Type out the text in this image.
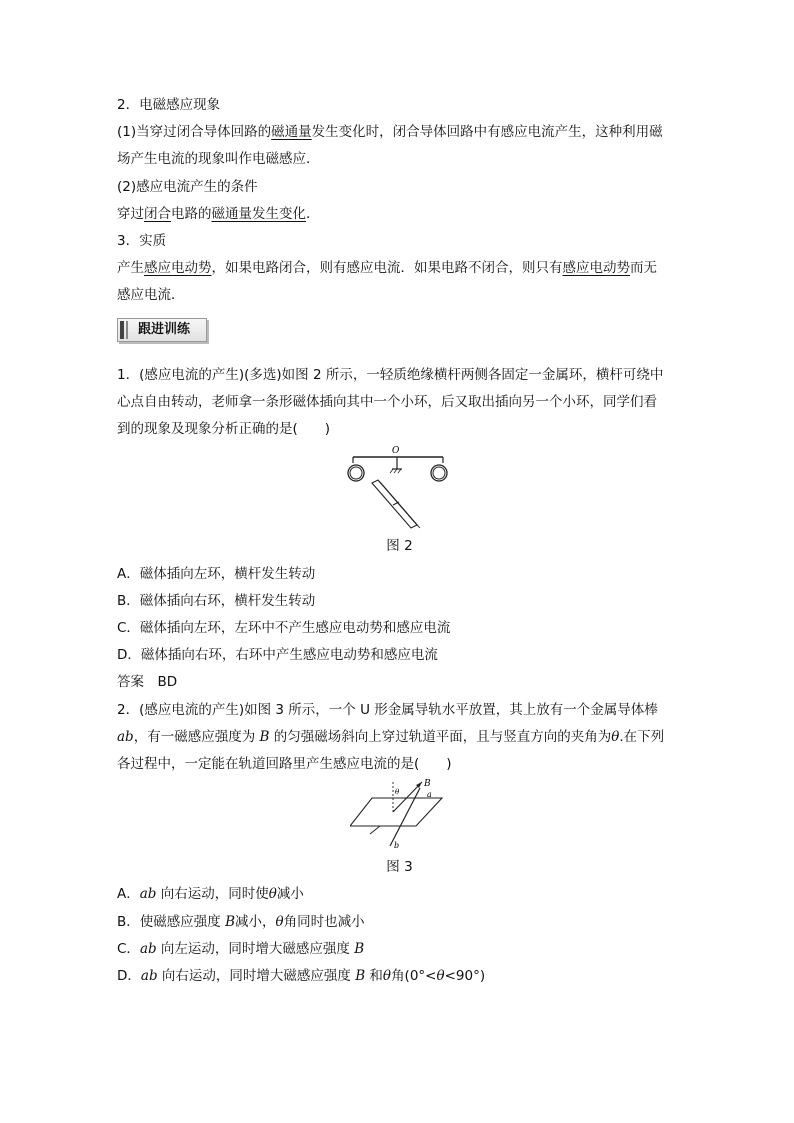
2．电磁感应现象
(1)当穿过闭合导体回路的磁通量发生变化时，闭合导体回路中有感应电流产生，这种利用磁
场产生电流的现象叫作电磁感应．
(2)感应电流产生的条件
穿过闭合电路的磁通量发生变化．
3．实质
产生感应电动势，如果电路闭合，则有感应电流．如果电路不闭合，则只有感应电动势而无
感应电流．
跟进训练
1．(感应电流的产生)(多选)如图 2 所示，一轻质绝缘横杆两侧各固定一金属环，横杆可绕中
心点自由转动，老师拿一条形磁体插向其中一个小环，后又取出插向另一个小环，同学们看
到的现象及现象分析正确的是(　　)
O
图 2
A．磁体插向左环，横杆发生转动
B．磁体插向右环，横杆发生转动
C．磁体插向左环，左环中不产生感应电动势和感应电流
D．磁体插向右环，右环中产生感应电动势和感应电流
答案　BD
2．(感应电流的产生)如图 3 所示，一个 U 形金属导轨水平放置，其上放有一个金属导体棒
ab，有一磁感应强度为 B 的匀强磁场斜向上穿过轨道平面，且与竖直方向的夹角为θ.在下列
各过程中，一定能在轨道回路里产生感应电流的是(　　)
B
θ	a
b
图 3
A．ab 向右运动，同时使θ减小
B．使磁感应强度 B减小，θ角同时也减小
C．ab 向左运动，同时增大磁感应强度 B
D．ab 向右运动，同时增大磁感应强度 B 和θ角(0°<θ<90°)
